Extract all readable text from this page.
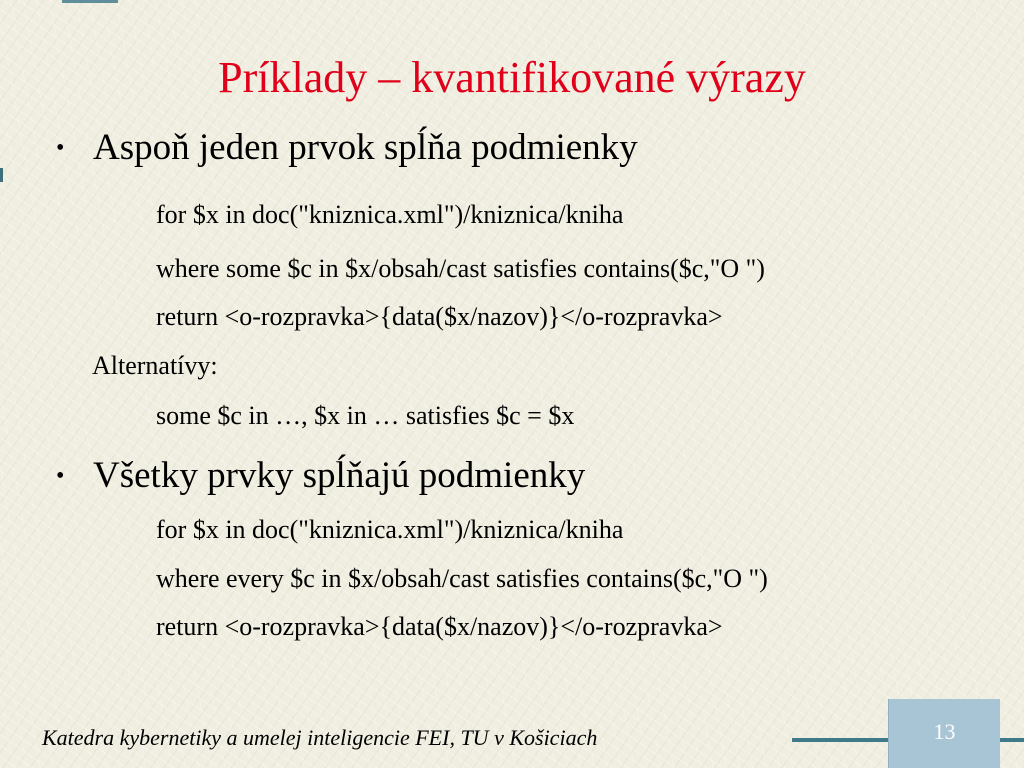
Príklady – kvantifikované výrazy
• Aspoň jeden prvok spĺňa podmienky
for $x in doc("kniznica.xml")/kniznica/kniha
where some $c in $x/obsah/cast satisfies contains($c,"O ")
return <o-rozpravka>{data($x/nazov)}</o-rozpravka>
Alternatívy:
some $c in …, $x in … satisfies $c = $x
• Všetky prvky spĺňajú podmienky
for $x in doc("kniznica.xml")/kniznica/kniha
where every $c in $x/obsah/cast satisfies contains($c,"O ")
return <o-rozpravka>{data($x/nazov)}</o-rozpravka>
Katedra kybernetiky a umelej inteligencie FEI, TU v Košiciach	13
